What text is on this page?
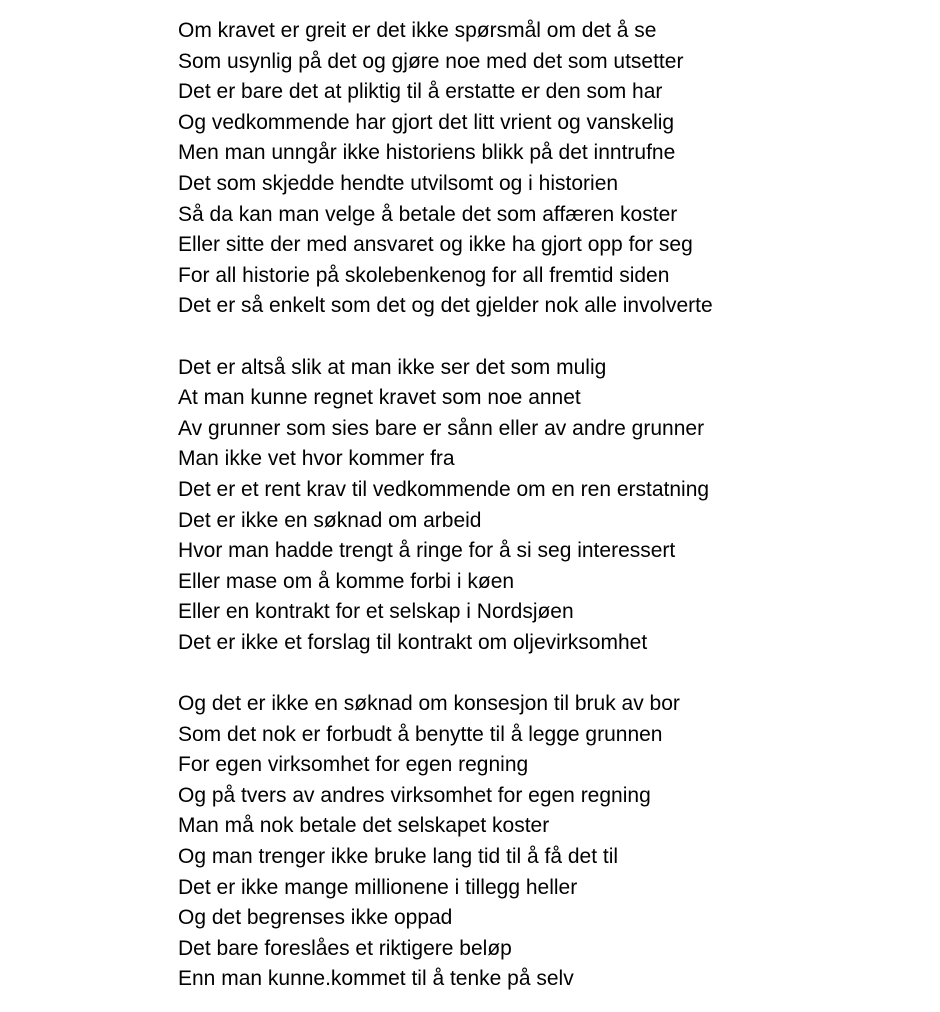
Om kravet er greit er det ikke spørsmål om det å se
Som usynlig på det og gjøre noe med det som utsetter
Det er bare det at pliktig til å erstatte er den som har
Og vedkommende har gjort det litt vrient og vanskelig
Men man unngår ikke historiens blikk på det inntrufne
Det som skjedde hendte utvilsomt og i historien
Så da kan man velge å betale det som affæren koster
Eller sitte der med ansvaret og ikke ha gjort opp for seg
For all historie på skolebenkenog for all fremtid siden
Det er så enkelt som det og det gjelder nok alle involverte
Det er altså slik at man ikke ser det som mulig
At man kunne regnet kravet som noe annet
Av grunner som sies bare er sånn eller av andre grunner
Man ikke vet hvor kommer fra
Det er et rent krav til vedkommende om en ren erstatning
Det er ikke en søknad om arbeid
Hvor man hadde trengt å ringe for å si seg interessert
Eller mase om å komme forbi i køen
Eller en kontrakt for et selskap i Nordsjøen
Det er ikke et forslag til kontrakt om oljevirksomhet
Og det er ikke en søknad om konsesjon til bruk av bor
Som det nok er forbudt å benytte til å legge grunnen
For egen virksomhet for egen regning
Og på tvers av andres virksomhet for egen regning
Man må nok betale det selskapet koster
Og man trenger ikke bruke lang tid til å få det til
Det er ikke mange millionene i tillegg heller
Og det begrenses ikke oppad
Det bare foreslåes et riktigere beløp
Enn man kunne.kommet til å tenke på selv
